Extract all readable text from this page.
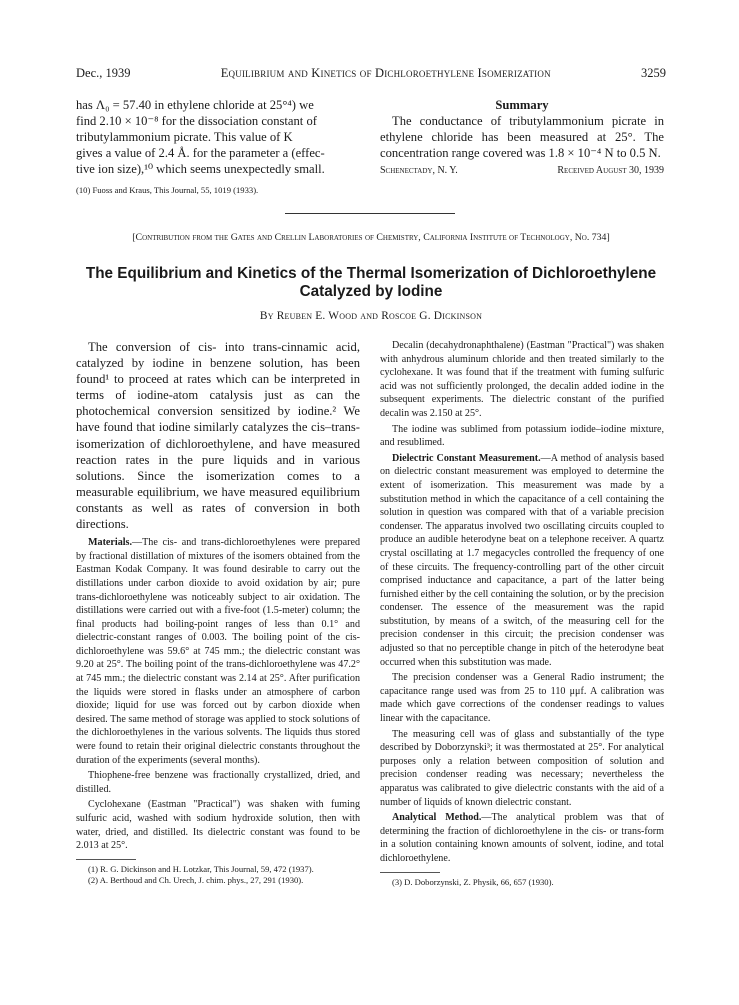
Dec., 1939	Equilibrium and Kinetics of Dichloroethylene Isomerization	3259
has Λ₀ = 57.40 in ethylene chloride at 25°⁴) we
find 2.10 × 10⁻⁸ for the dissociation constant of
tributylammonium picrate. This value of K
gives a value of 2.4 Å. for the parameter a (effec-
tive ion size),¹⁰ which seems unexpectedly small.
(10) Fuoss and Kraus, This Journal, 55, 1019 (1933).
Summary

The conductance of tributylammonium picrate in ethylene chloride has been measured at 25°. The concentration range covered was 1.8 × 10⁻⁴ N to 0.5 N.

Schenectady, N. Y.	Received August 30, 1939
[Contribution from the Gates and Crellin Laboratories of Chemistry, California Institute of Technology, No. 734]
The Equilibrium and Kinetics of the Thermal Isomerization of Dichloroethylene Catalyzed by Iodine
By Reuben E. Wood and Roscoe G. Dickinson

The conversion of cis- into trans-cinnamic acid, catalyzed by iodine in benzene solution, has been found¹ to proceed at rates which can be interpreted in terms of iodine-atom catalysis just as can the photochemical conversion sensitized by iodine.² We have found that iodine similarly catalyzes the cis–trans-isomerization of dichloroethylene, and have measured reaction rates in the pure liquids and in various solutions. Since the isomerization comes to a measurable equilibrium, we have measured equilibrium constants as well as rates of conversion in both directions.

Materials.—The cis- and trans-dichloroethylenes were prepared by fractional distillation of mixtures of the isomers obtained from the Eastman Kodak Company. It was found desirable to carry out the distillations under carbon dioxide to avoid oxidation by air; pure trans-dichloroethylene was noticeably subject to air oxidation. The distillations were carried out with a five-foot (1.5-meter) column; the final products had boiling-point ranges of less than 0.1° and dielectric-constant ranges of 0.003. The boiling point of the cis-dichloroethylene was 59.6° at 745 mm.; the dielectric constant was 9.20 at 25°. The boiling point of the trans-dichloroethylene was 47.2° at 745 mm.; the dielectric constant was 2.14 at 25°. After purification the liquids were stored in flasks under an atmosphere of carbon dioxide; liquid for use was forced out by carbon dioxide when desired. The same method of storage was applied to stock solutions of the dichloroethylenes in the various solvents. The liquids thus stored were found to retain their original dielectric constants throughout the duration of the experiments (several months).

Thiophene-free benzene was fractionally crystallized, dried, and distilled.

Cyclohexane (Eastman "Practical") was shaken with fuming sulfuric acid, washed with sodium hydroxide solution, then with water, dried, and distilled. Its dielectric constant was found to be 2.013 at 25°.

(1) R. G. Dickinson and H. Lotzkar, This Journal, 59, 472 (1937).

(2) A. Berthoud and Ch. Urech, J. chim. phys., 27, 291 (1930).

Decalin (decahydronaphthalene) (Eastman "Practical") was shaken with anhydrous aluminum chloride and then treated similarly to the cyclohexane. It was found that if the treatment with fuming sulfuric acid was not sufficiently prolonged, the decalin added iodine in the subsequent experiments. The dielectric constant of the purified decalin was 2.150 at 25°.

The iodine was sublimed from potassium iodide–iodine mixture, and resublimed.

Dielectric Constant Measurement.—A method of analysis based on dielectric constant measurement was employed to determine the extent of isomerization. This measurement was made by a substitution method in which the capacitance of a cell containing the solution in question was compared with that of a variable precision condenser. The apparatus involved two oscillating circuits coupled to produce an audible heterodyne beat on a telephone receiver. A quartz crystal oscillating at 1.7 megacycles controlled the frequency of one of these circuits. The frequency-controlling part of the other circuit comprised inductance and capacitance, a part of the latter being furnished either by the cell containing the solution, or by the precision condenser. The essence of the measurement was the rapid substitution, by means of a switch, of the measuring cell for the precision condenser in this circuit; the precision condenser was adjusted so that no perceptible change in pitch of the heterodyne beat occurred when this substitution was made.

The precision condenser was a General Radio instrument; the capacitance range used was from 25 to 110 μμf. A calibration was made which gave corrections of the condenser readings to values linear with the capacitance.

The measuring cell was of glass and substantially of the type described by Doborzynski³; it was thermostated at 25°. For analytical purposes only a relation between composition of solution and precision condenser reading was necessary; nevertheless the apparatus was calibrated to give dielectric constants with the aid of a number of liquids of known dielectric constant.

Analytical Method.—The analytical problem was that of determining the fraction of dichloroethylene in the cis- or trans-form in a solution containing known amounts of solvent, iodine, and total dichloroethylene.

(3) D. Doborzynski, Z. Physik, 66, 657 (1930).
